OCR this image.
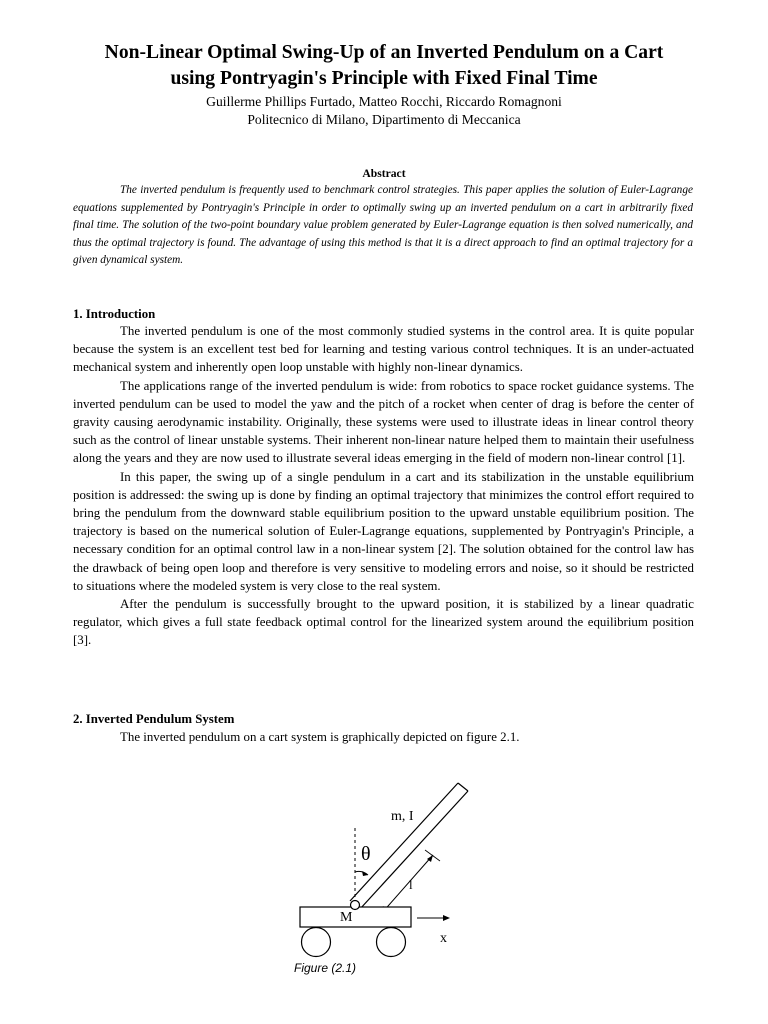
Non-Linear Optimal Swing-Up of an Inverted Pendulum on a Cart
using Pontryagin's Principle with Fixed Final Time
Guillerme Phillips Furtado, Matteo Rocchi, Riccardo Romagnoni
Politecnico di Milano, Dipartimento di Meccanica
Abstract

The inverted pendulum is frequently used to benchmark control strategies. This paper applies the solution of Euler-Lagrange equations supplemented by Pontryagin's Principle in order to optimally swing up an inverted pendulum on a cart in arbitrarily fixed final time. The solution of the two-point boundary value problem generated by Euler-Lagrange equation is then solved numerically, and thus the optimal trajectory is found. The advantage of using this method is that it is a direct approach to find an optimal trajectory for a given dynamical system.

1. Introduction

The inverted pendulum is one of the most commonly studied systems in the control area. It is quite popular because the system is an excellent test bed for learning and testing various control techniques. It is an under-actuated mechanical system and inherently open loop unstable with highly non-linear dynamics.

The applications range of the inverted pendulum is wide: from robotics to space rocket guidance systems. The inverted pendulum can be used to model the yaw and the pitch of a rocket when center of drag is before the center of gravity causing aerodynamic instability. Originally, these systems were used to illustrate ideas in linear control theory such as the control of linear unstable systems. Their inherent non-linear nature helped them to maintain their usefulness along the years and they are now used to illustrate several ideas emerging in the field of modern non-linear control [1].

In this paper, the swing up of a single pendulum in a cart and its stabilization in the unstable equilibrium position is addressed: the swing up is done by finding an optimal trajectory that minimizes the control effort required to bring the pendulum from the downward stable equilibrium position to the upward unstable equilibrium position. The trajectory is based on the numerical solution of Euler-Lagrange equations, supplemented by Pontryagin's Principle, a necessary condition for an optimal control law in a non-linear system [2]. The solution obtained for the control law has the drawback of being open loop and therefore is very sensitive to modeling errors and noise, so it should be restricted to situations where the modeled system is very close to the real system.

After the pendulum is successfully brought to the upward position, it is stabilized by a linear quadratic regulator, which gives a full state feedback optimal control for the linearized system around the equilibrium position [3].

2. Inverted Pendulum System

The inverted pendulum on a cart system is graphically depicted on figure 2.1.

m, I
θ
l
M
x
Figure (2.1)
